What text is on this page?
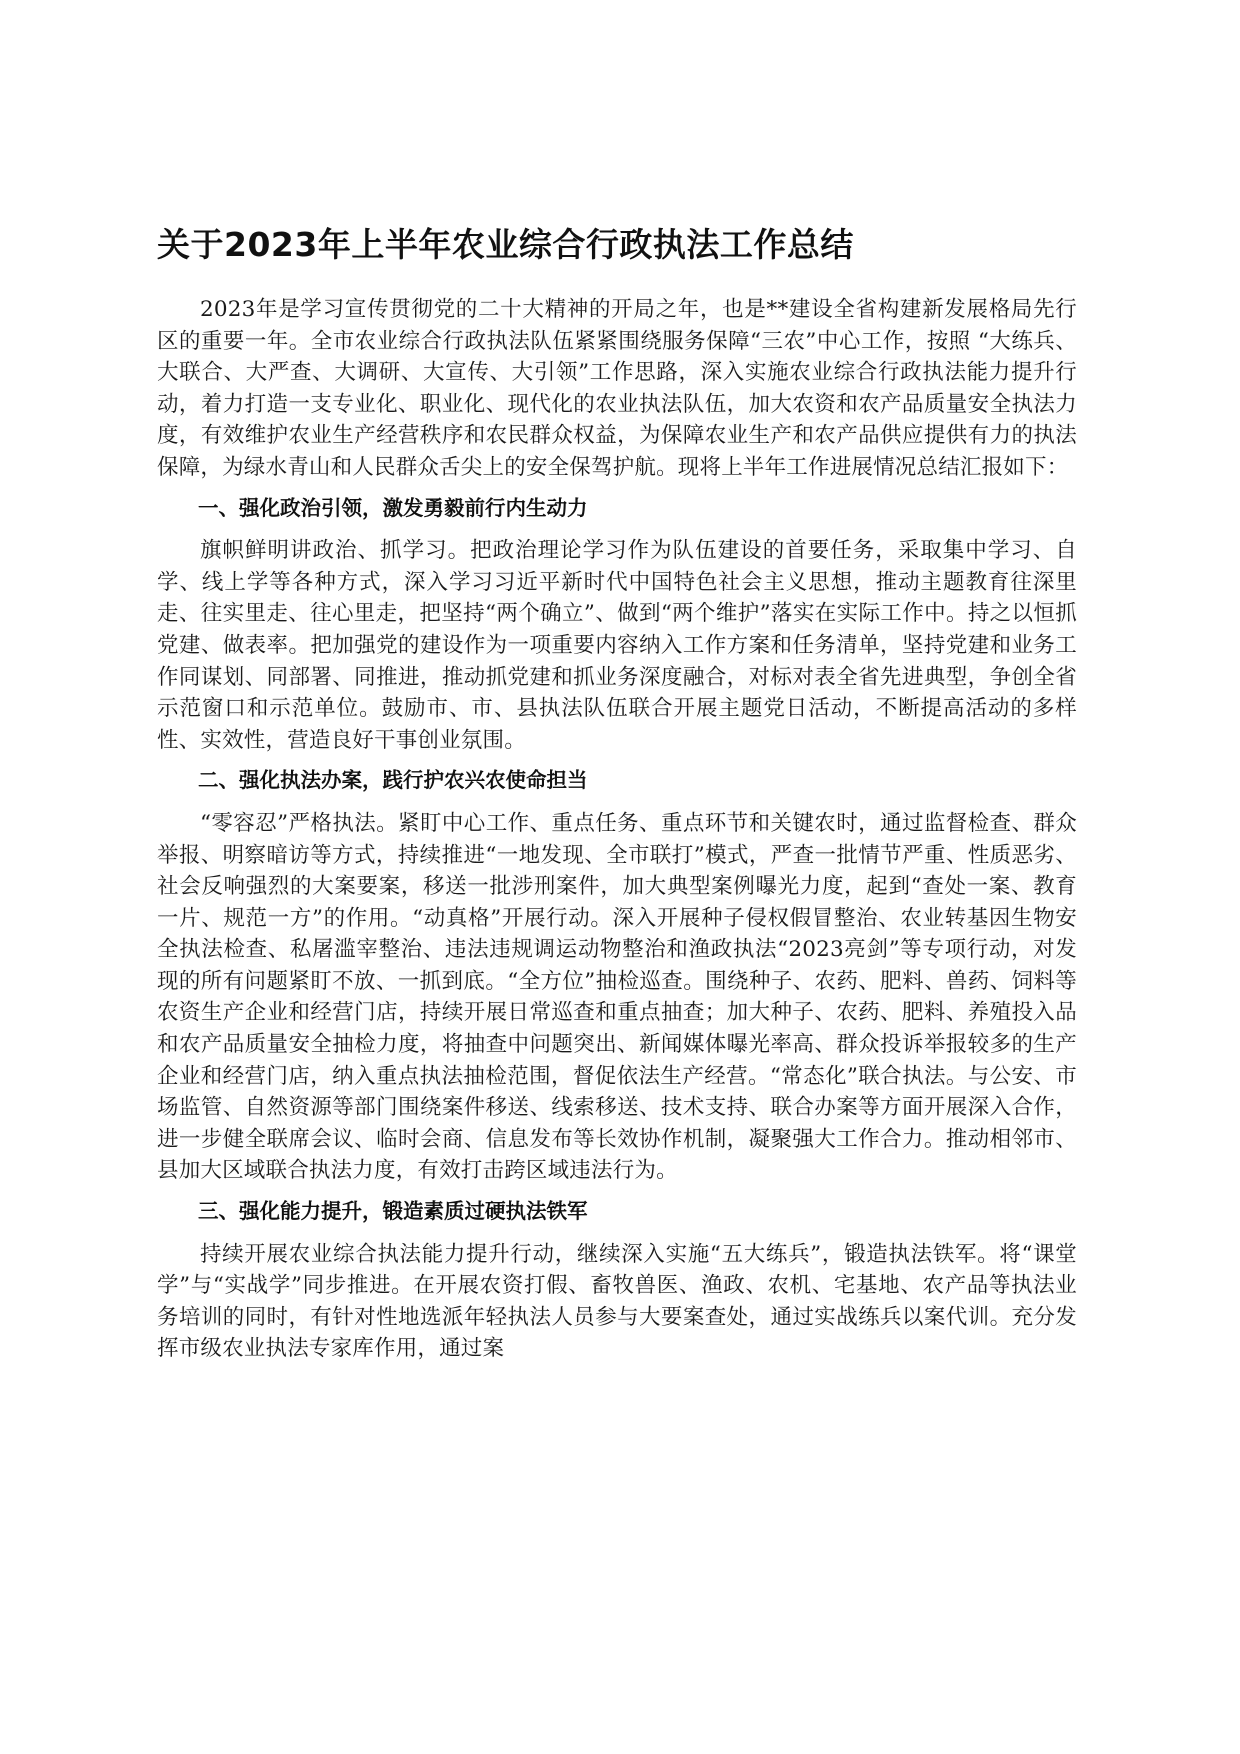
关于2023年上半年农业综合行政执法工作总结

2023年是学习宣传贯彻党的二十大精神的开局之年，也是**建设全省构建新发展格局先行区的重要一年。全市农业综合行政执法队伍紧紧围绕服务保障“三农”中心工作，按照 “大练兵、大联合、大严查、大调研、大宣传、大引领”工作思路，深入实施农业综合行政执法能力提升行动，着力打造一支专业化、职业化、现代化的农业执法队伍，加大农资和农产品质量安全执法力度，有效维护农业生产经营秩序和农民群众权益，为保障农业生产和农产品供应提供有力的执法保障，为绿水青山和人民群众舌尖上的安全保驾护航。现将上半年工作进展情况总结汇报如下：

一、强化政治引领，激发勇毅前行内生动力

旗帜鲜明讲政治、抓学习。把政治理论学习作为队伍建设的首要任务，采取集中学习、自学、线上学等各种方式，深入学习习近平新时代中国特色社会主义思想，推动主题教育往深里走、往实里走、往心里走，把坚持“两个确立”、做到“两个维护”落实在实际工作中。持之以恒抓党建、做表率。把加强党的建设作为一项重要内容纳入工作方案和任务清单，坚持党建和业务工作同谋划、同部署、同推进，推动抓党建和抓业务深度融合，对标对表全省先进典型，争创全省示范窗口和示范单位。鼓励市、市、县执法队伍联合开展主题党日活动，不断提高活动的多样性、实效性，营造良好干事创业氛围。

二、强化执法办案，践行护农兴农使命担当

“零容忍”严格执法。紧盯中心工作、重点任务、重点环节和关键农时，通过监督检查、群众举报、明察暗访等方式，持续推进“一地发现、全市联打”模式，严查一批情节严重、性质恶劣、社会反响强烈的大案要案，移送一批涉刑案件，加大典型案例曝光力度，起到“查处一案、教育一片、规范一方”的作用。“动真格”开展行动。深入开展种子侵权假冒整治、农业转基因生物安全执法检查、私屠滥宰整治、违法违规调运动物整治和渔政执法“2023亮剑”等专项行动，对发现的所有问题紧盯不放、一抓到底。“全方位”抽检巡查。围绕种子、农药、肥料、兽药、饲料等农资生产企业和经营门店，持续开展日常巡查和重点抽查；加大种子、农药、肥料、养殖投入品和农产品质量安全抽检力度，将抽查中问题突出、新闻媒体曝光率高、群众投诉举报较多的生产企业和经营门店，纳入重点执法抽检范围，督促依法生产经营。“常态化”联合执法。与公安、市场监管、自然资源等部门围绕案件移送、线索移送、技术支持、联合办案等方面开展深入合作，进一步健全联席会议、临时会商、信息发布等长效协作机制，凝聚强大工作合力。推动相邻市、县加大区域联合执法力度，有效打击跨区域违法行为。

三、强化能力提升，锻造素质过硬执法铁军

持续开展农业综合执法能力提升行动，继续深入实施“五大练兵”，锻造执法铁军。将“课堂学”与“实战学”同步推进。在开展农资打假、畜牧兽医、渔政、农机、宅基地、农产品等执法业务培训的同时，有针对性地选派年轻执法人员参与大要案查处，通过实战练兵以案代训。充分发挥市级农业执法专家库作用，通过案
